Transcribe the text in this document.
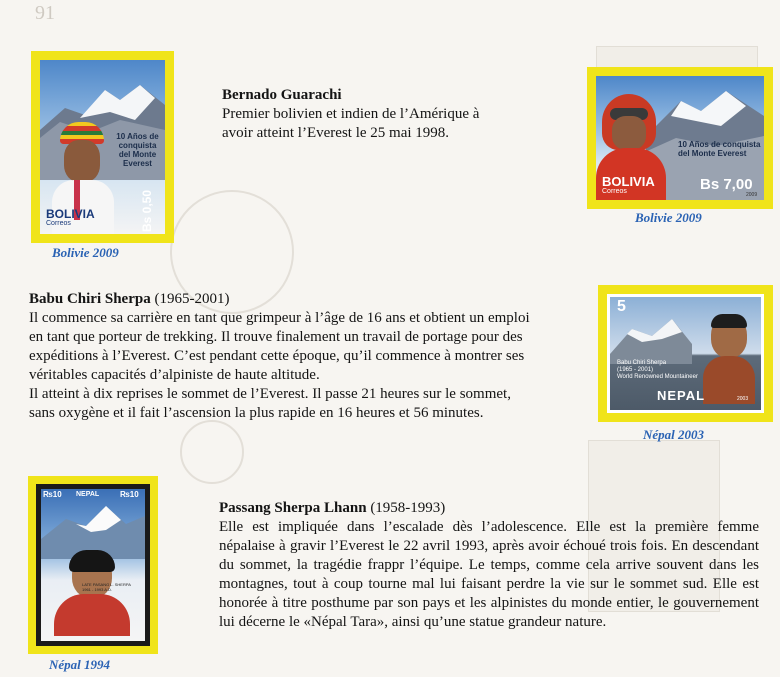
91
10 Años de
conquista
del Monte
Everest
BOLIVIA
Correos	Bs 0,50
Bolivie 2009
10 Años de conquista
del Monte Everest
BOLIVIA
Correos	Bs 7,00
2009
Bolivie 2009
5
Babu Chiri Sherpa
(1965 - 2001)
World Renowned Mountaineer
NEPAL	2003
Népal 2003
₨10 NEPAL	₨10
LATE PASANG L. SHERPA
1961 - 1993 A.D.
Népal 1994
Bernado Guarachi
Premier bolivien et indien de l’Amérique à
avoir atteint l’Everest le 25 mai 1998.
Babu Chiri Sherpa (1965-2001)
Il commence sa carrière en tant que grimpeur à l’âge de 16 ans et obtient un emploi
en tant que porteur de trekking. Il trouve finalement un travail de portage pour des
expéditions à l’Everest. C’est pendant cette époque, qu’il commence à montrer ses
véritables capacités d’alpiniste de haute altitude.
Il atteint à dix reprises le sommet de l’Everest. Il passe 21 heures sur le sommet,
sans oxygène et il fait l’ascension la plus rapide en 16 heures et 56 minutes.
Passang Sherpa Lhann (1958-1993)

Elle est impliquée dans l’escalade dès l’adolescence. Elle est la première femme népalaise à gravir l’Everest le 22 avril 1993, après avoir échoué trois fois. En descendant du sommet, la tragédie frappr l’équipe. Le temps, comme cela arrive souvent dans les montagnes, tout à coup tourne mal lui faisant perdre la vie sur le sommet sud. Elle est honorée à titre posthume par son pays et les alpinistes du monde entier, le gouvernement lui décerne le «Népal Tara», ainsi qu’une statue grandeur nature.
